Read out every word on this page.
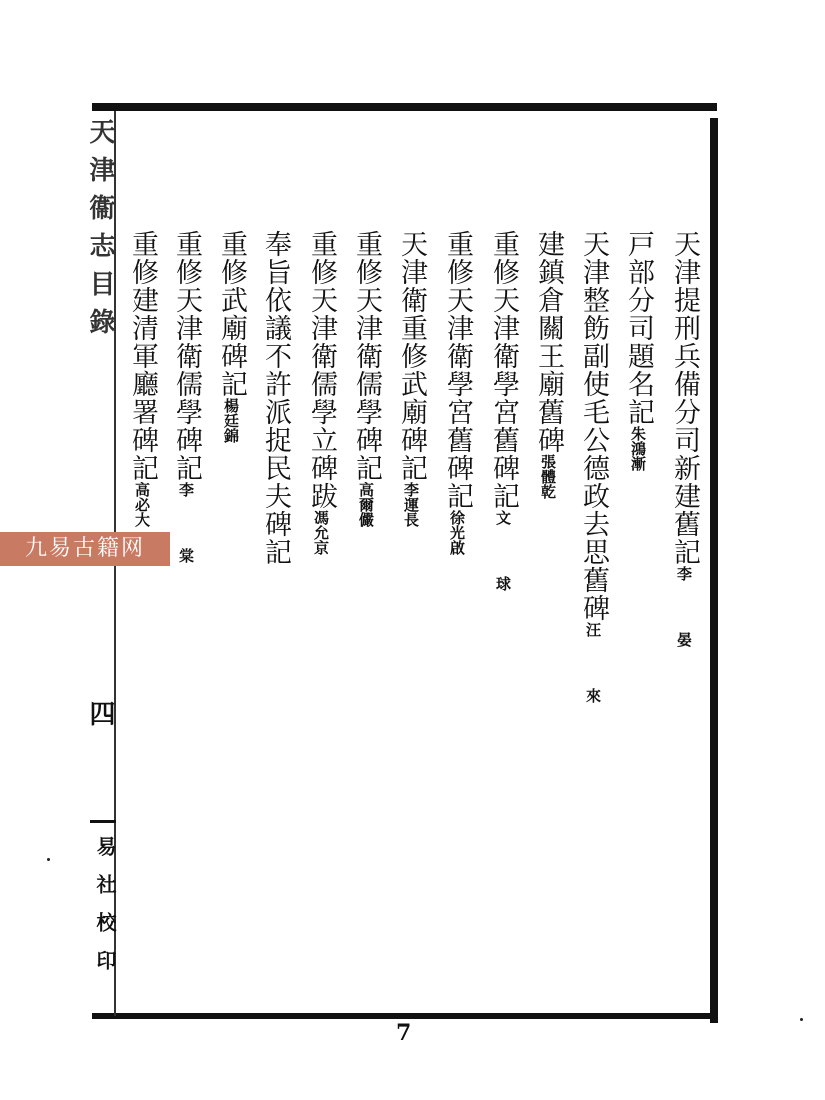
天津衞志目錄
四
易社校印
天津提刑兵備分司新建舊記李　晏
戸部分司題名記朱鴻漸
天津整飭副使毛公德政去思舊碑汪　來
建鎮倉關王廟舊碑張體乾
重修天津衛學宮舊碑記文　球
重修天津衛學宮舊碑記徐光啟
天津衛重修武廟碑記李運長
重修天津衛儒學碑記高爾儼
重修天津衛儒學立碑跋馮允京
奉旨依議不許派捉民夫碑記
重修武廟碑記楊廷錦
重修天津衛儒學碑記李　棠
重修建清軍廳署碑記高必大
九易古籍网
7
